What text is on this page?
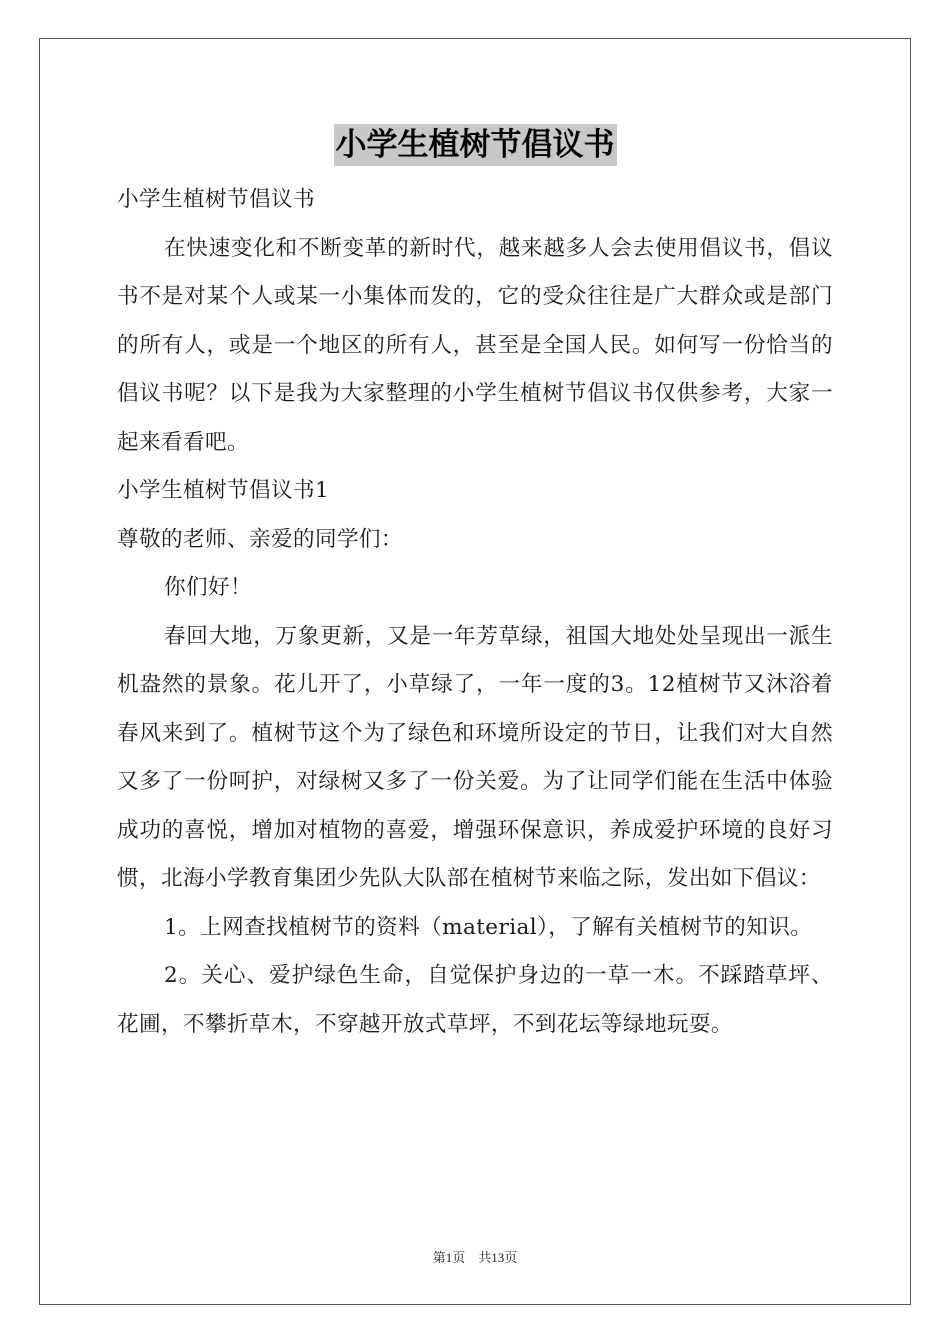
小学生植树节倡议书

小学生植树节倡议书

在快速变化和不断变革的新时代，越来越多人会去使用倡议书，倡议书不是对某个人或某一小集体而发的，它的受众往往是广大群众或是部门的所有人，或是一个地区的所有人，甚至是全国人民。如何写一份恰当的倡议书呢？以下是我为大家整理的小学生植树节倡议书仅供参考，大家一起来看看吧。

小学生植树节倡议书1

尊敬的老师、亲爱的同学们：

你们好！

春回大地，万象更新，又是一年芳草绿，祖国大地处处呈现出一派生机盎然的景象。花儿开了，小草绿了，一年一度的3。12植树节又沐浴着春风来到了。植树节这个为了绿色和环境所设定的节日，让我们对大自然又多了一份呵护，对绿树又多了一份关爱。为了让同学们能在生活中体验成功的喜悦，增加对植物的喜爱，增强环保意识，养成爱护环境的良好习惯，北海小学教育集团少先队大队部在植树节来临之际，发出如下倡议：

1。上网查找植树节的资料（material），了解有关植树节的知识。

2。关心、爱护绿色生命，自觉保护身边的一草一木。不踩踏草坪、花圃，不攀折草木，不穿越开放式草坪，不到花坛等绿地玩耍。

第1页　共13页
